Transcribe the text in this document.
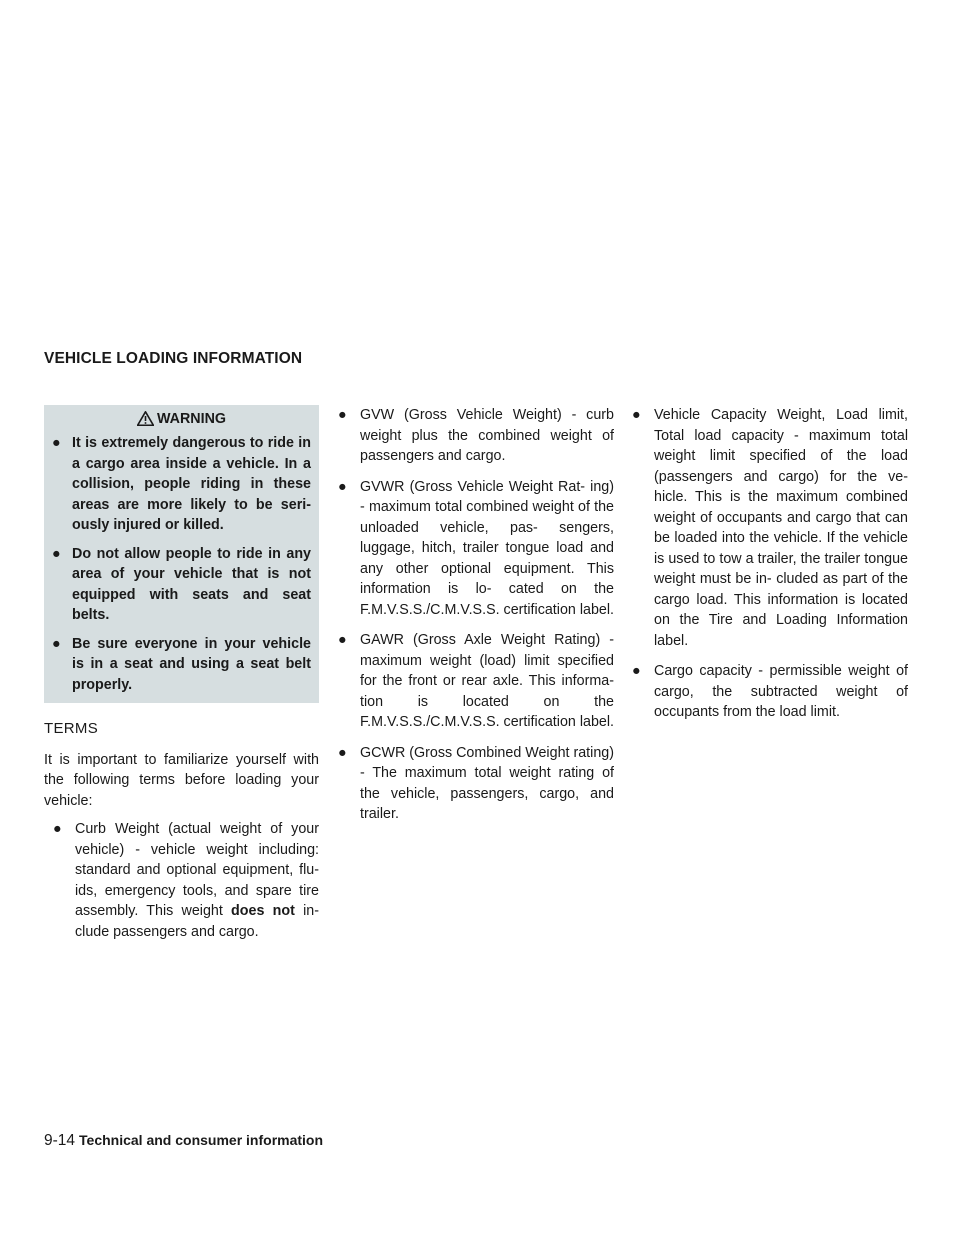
VEHICLE LOADING INFORMATION
WARNING
● It is extremely dangerous to ride in a cargo area inside a vehicle. In a collision, people riding in these areas are more likely to be seri- ously injured or killed.
● Do not allow people to ride in any area of your vehicle that is not equipped with seats and seat belts.
● Be sure everyone in your vehicle is in a seat and using a seat belt properly.
TERMS

It is important to familiarize yourself with the following terms before loading your vehicle:

● Curb Weight (actual weight of your vehicle) - vehicle weight including: standard and optional equipment, flu- ids, emergency tools, and spare tire assembly. This weight does not in- clude passengers and cargo.
● GVW (Gross Vehicle Weight) - curb weight plus the combined weight of passengers and cargo.
● GVWR (Gross Vehicle Weight Rat- ing) - maximum total combined weight of the unloaded vehicle, pas- sengers, luggage, hitch, trailer tongue load and any other optional equipment. This information is lo- cated on the F.M.V.S.S./C.M.V.S.S. certification label.
● GAWR (Gross Axle Weight Rating) - maximum weight (load) limit specified for the front or rear axle. This informa- tion is located on the F.M.V.S.S./C.M.V.S.S. certification label.
● GCWR (Gross Combined Weight rating) - The maximum total weight rating of the vehicle, passengers, cargo, and trailer.
● Vehicle Capacity Weight, Load limit, Total load capacity - maximum total weight limit specified of the load (passengers and cargo) for the ve- hicle. This is the maximum combined weight of occupants and cargo that can be loaded into the vehicle. If the vehicle is used to tow a trailer, the trailer tongue weight must be in- cluded as part of the cargo load. This information is located on the Tire and Loading Information label.
● Cargo capacity - permissible weight of cargo, the subtracted weight of occupants from the load limit.
9-14 Technical and consumer information
